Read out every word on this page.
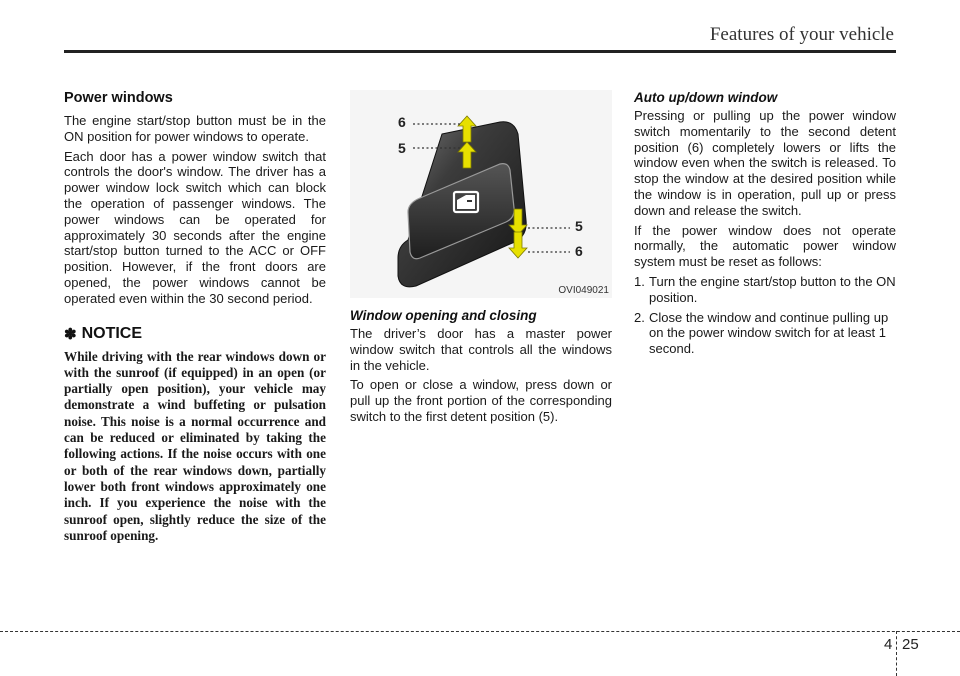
Features of your vehicle
Power windows

The engine start/stop button must be in the ON position for power windows to operate.

Each door has a power window switch that controls the door's window. The driver has a power window lock switch which can block the operation of passenger windows. The power windows can be operated for approximately 30 seconds after the engine start/stop button turned to the ACC or OFF position. However, if the front doors are opened, the power windows cannot be operated even within the 30 second period.

✽ NOTICE

While driving with the rear windows down or with the sunroof (if equipped) in an open (or partially open position), your vehicle may demonstrate a wind buffeting or pulsation noise. This noise is a normal occurrence and can be reduced or eliminated by taking the following actions. If the noise occurs with one or both of the rear windows down, partially lower both front windows approximately one inch. If you experience the noise with the sunroof open, slightly reduce the size of the sunroof opening.

6
5
5
6
OVI049021
Window opening and closing

The driver’s door has a master power window switch that controls all the windows in the vehicle.

To open or close a window, press down or pull up the front portion of the corresponding switch to the first detent position (5).

Auto up/down window

Pressing or pulling up the power window switch momentarily to the second detent position (6) completely lowers or lifts the window even when the switch is released. To stop the window at the desired position while the window is in operation, pull up or press down and release the switch.

If the power window does not operate normally, the automatic power window system must be reset as follows:

1. Turn the engine start/stop button to the ON position.
2. Close the window and continue pulling up on the power window switch for at least 1 second.
4 25
